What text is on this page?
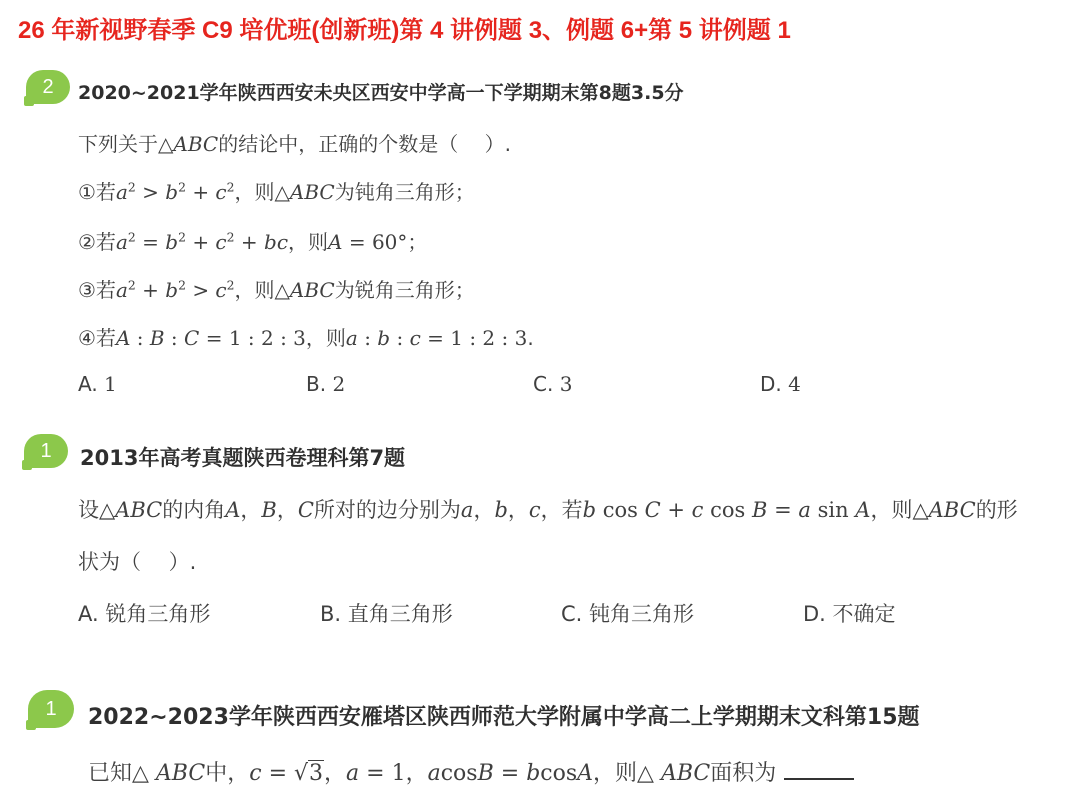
26 年新视野春季 C9 培优班(创新班)第 4 讲例题 3、例题 6+第 5 讲例题 1
2 2020~2021学年陕西西安未央区西安中学高一下学期期末第8题3.5分
下列关于△ABC的结论中，正确的个数是（　 ）.
①若$a^2 > b^2 + c^2$，则△ABC为钝角三角形；
②若$a^2 = b^2 + c^2$ + bc，则A = 60°；
③若$a^2 + b^2 > c^2$，则△ABC为锐角三角形；
④若A : B : C = 1 : 2 : 3，则a : b : c = 1 : 2 : 3.
A. 1	B. 2	C. 3	D. 4
1 2013年高考真题陕西卷理科第7题
设△ABC的内角A，B，C所对的边分别为a，b，c，若b cos C + c cos B = a sin A，则△ABC的形
状为（　 ）.
A. 锐角三角形	B. 直角三角形	C. 钝角三角形	D. 不确定
1 2022~2023学年陕西西安雁塔区陕西师范大学附属中学高二上学期期末文科第15题
已知△ ABC中，c = √3，a = 1，acosB = bcosA，则△ ABC面积为
